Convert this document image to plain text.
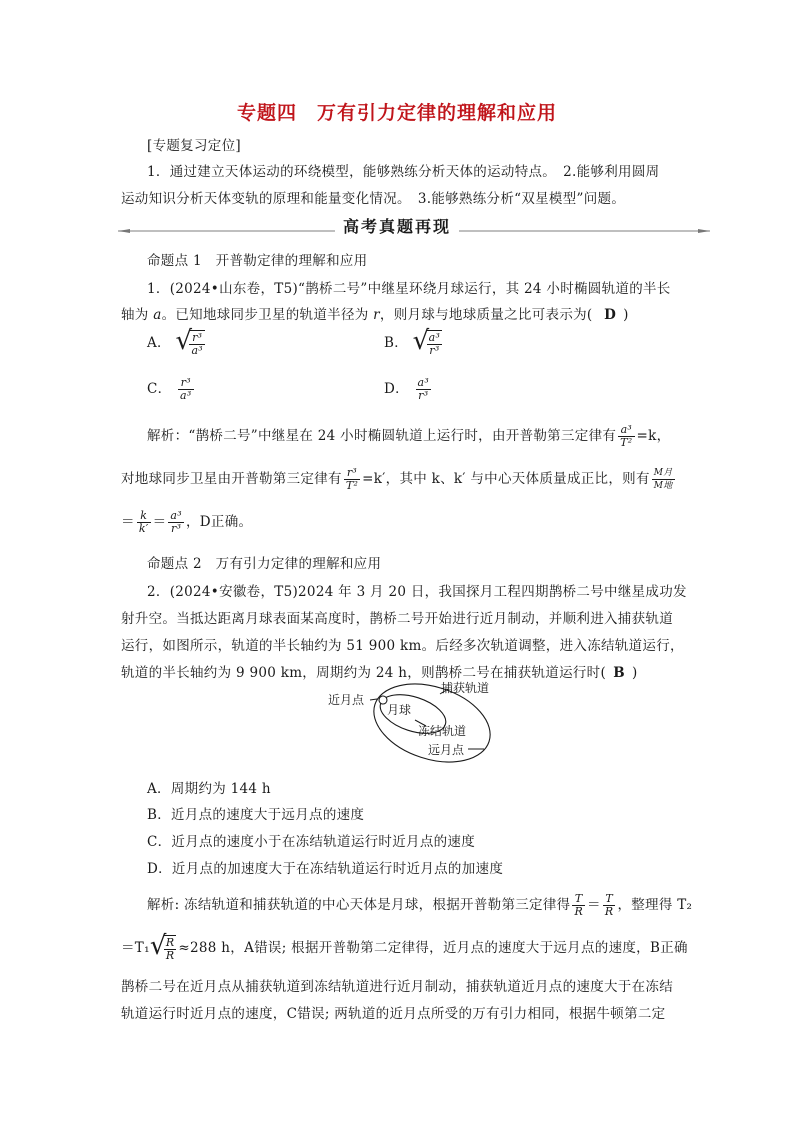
专题四　万有引力定律的理解和应用
[专题复习定位]
1．通过建立天体运动的环绕模型，能够熟练分析天体的运动特点。　2.能够利用圆周
运动知识分析天体变轨的原理和能量变化情况。　3.能够熟练分析“双星模型”问题。
高考真题再现
命题点 1　开普勒定律的理解和应用
1．(2024•山东卷，T5)“鹊桥二号”中继星环绕月球运行，其 24 小时椭圆轨道的半长
轴为 a。已知地球同步卫星的轨道半径为 r，则月球与地球质量之比可表示为( D )
A． √ $\frac{\text{r³}}{\text{a³}}$	B． √ $\frac{\text{a³}}{\text{r³}}$
C． $\frac{\text{r³}}{\text{a³}}$	D． $\frac{\text{a³}}{\text{r³}}$
解析：“鹊桥二号”中继星在 24 小时椭圆轨道上运行时，由开普勒第三定律有 $\frac{\text{a³}}{\text{T²}} =k$，
对地球同步卫星由开普勒第三定律有 $\frac{\text{r³}}{\text{T²}} =k'$，其中 k、k′ 与中心天体质量成正比，则有 $\frac{\text{M月}}{\text{M地}}$
＝ $\frac{k}{k'} = \frac{\text{a³}}{\text{r³}}$ ，D正确。
命题点 2　万有引力定律的理解和应用
2．(2024•安徽卷，T5)2024 年 3 月 20 日，我国探月工程四期鹊桥二号中继星成功发
射升空。当抵达距离月球表面某高度时，鹊桥二号开始进行近月制动，并顺利进入捕获轨道
运行，如图所示，轨道的半长轴约为 51 900 km。后经多次轨道调整，进入冻结轨道运行，
轨道的半长轴约为 9 900 km，周期约为 24 h，则鹊桥二号在捕获轨道运行时( B )
近月点
捕获轨道
月球
冻结轨道
远月点
A．周期约为 144 h
B．近月点的速度大于远月点的速度
C．近月点的速度小于在冻结轨道运行时近月点的速度
D．近月点的加速度大于在冻结轨道运行时近月点的加速度
解析: 冻结轨道和捕获轨道的中心天体是月球，根据开普勒第三定律得 $\frac{T}{R} = \frac{T}{R}$ ，整理得 T₂
＝T₁ √ $\frac{R}{R} \approx 288$ h，A错误; 根据开普勒第二定律得，近月点的速度大于远月点的速度，B正确
鹊桥二号在近月点从捕获轨道到冻结轨道进行近月制动，捕获轨道近月点的速度大于在冻结
轨道运行时近月点的速度，C错误; 两轨道的近月点所受的万有引力相同，根据牛顿第二定
